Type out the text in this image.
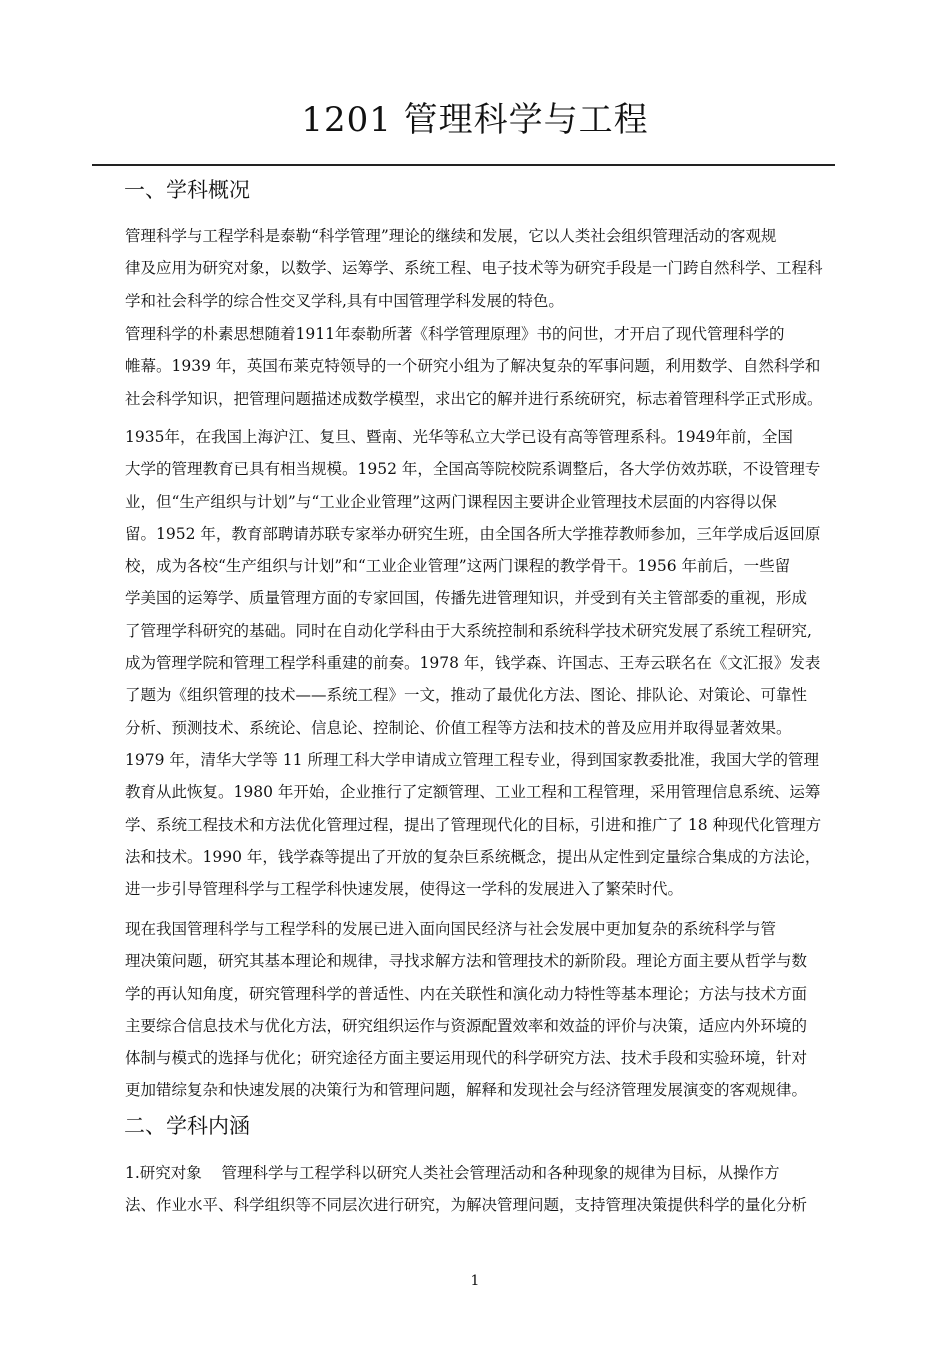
1201 管理科学与工程
一、学科概况

管理科学与工程学科是泰勒“科学管理”理论的继续和发展，它以人类社会组织管理活动的客观规
律及应用为研究对象，以数学、运筹学、系统工程、电子技术等为研究手段是一门跨自然科学、工程科
学和社会科学的综合性交叉学科,具有中国管理学科发展的特色。

管理科学的朴素思想随着1911年泰勒所著《科学管理原理》书的问世，才开启了现代管理科学的
帷幕。1939 年，英国布莱克特领导的一个研究小组为了解决复杂的军事问题，利用数学、自然科学和
社会科学知识，把管理问题描述成数学模型，求出它的解并进行系统研究，标志着管理科学正式形成。

1935年，在我国上海沪江、复旦、暨南、光华等私立大学已设有高等管理系科。1949年前，全国
大学的管理教育已具有相当规模。1952 年，全国高等院校院系调整后，各大学仿效苏联，不设管理专
业，但“生产组织与计划”与“工业企业管理”这两门课程因主要讲企业管理技术层面的内容得以保
留。1952 年，教育部聘请苏联专家举办研究生班，由全国各所大学推荐教师参加，三年学成后返回原
校，成为各校“生产组织与计划”和“工业企业管理”这两门课程的教学骨干。1956 年前后，一些留
学美国的运筹学、质量管理方面的专家回国，传播先进管理知识，并受到有关主管部委的重视，形成
了管理学科研究的基础。同时在自动化学科由于大系统控制和系统科学技术研究发展了系统工程研究,
成为管理学院和管理工程学科重建的前奏。1978 年，钱学森、许国志、王寿云联名在《文汇报》发表
了题为《组织管理的技术——系统工程》一文，推动了最优化方法、图论、排队论、对策论、可靠性
分析、预测技术、系统论、信息论、控制论、价值工程等方法和技术的普及应用并取得显著效果。
1979 年，清华大学等 11 所理工科大学申请成立管理工程专业，得到国家教委批准，我国大学的管理
教育从此恢复。1980 年开始，企业推行了定额管理、工业工程和工程管理，采用管理信息系统、运筹
学、系统工程技术和方法优化管理过程，提出了管理现代化的目标，引进和推广了 18 种现代化管理方
法和技术。1990 年，钱学森等提出了开放的复杂巨系统概念，提出从定性到定量综合集成的方法论，
进一步引导管理科学与工程学科快速发展，使得这一学科的发展进入了繁荣时代。

现在我国管理科学与工程学科的发展已进入面向国民经济与社会发展中更加复杂的系统科学与管
理决策问题，研究其基本理论和规律，寻找求解方法和管理技术的新阶段。理论方面主要从哲学与数
学的再认知角度，研究管理科学的普适性、内在关联性和演化动力特性等基本理论；方法与技术方面
主要综合信息技术与优化方法，研究组织运作与资源配置效率和效益的评价与决策，适应内外环境的
体制与模式的选择与优化；研究途径方面主要运用现代的科学研究方法、技术手段和实验环境，针对
更加错综复杂和快速发展的决策行为和管理问题，解释和发现社会与经济管理发展演变的客观规律。

二、学科内涵

1.研究对象    管理科学与工程学科以研究人类社会管理活动和各种现象的规律为目标，从操作方
法、作业水平、科学组织等不同层次进行研究，为解决管理问题，支持管理决策提供科学的量化分析

1
